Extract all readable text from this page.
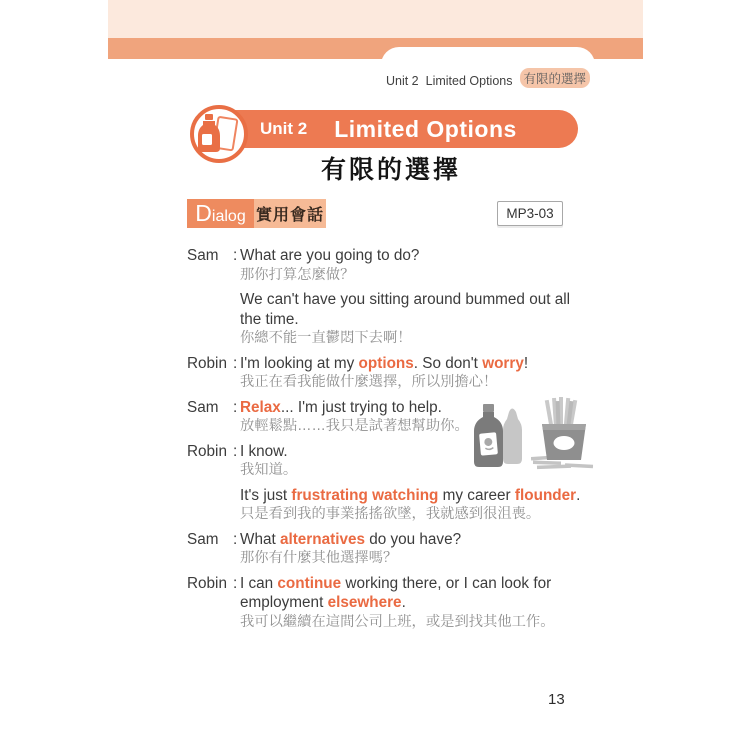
Unit 2 Limited Options 有限的選擇
Unit 2 Limited Options
有限的選擇
D ialog 實用會話	MP3-03
Sam : What are you going to do?
那你打算怎麼做？
We can't have you sitting around bummed out all
the time.
你總不能一直鬱悶下去啊！
Robin : I'm looking at my options. So don't worry!
我正在看我能做什麼選擇，所以別擔心！
Sam : Relax... I'm just trying to help.
放輕鬆點……我只是試著想幫助你。
Robin : I know.
我知道。
It's just frustrating watching my career flounder.
只是看到我的事業搖搖欲墜，我就感到很沮喪。
Sam : What alternatives do you have?
那你有什麼其他選擇嗎？
Robin : I can continue working there, or I can look for
employment elsewhere.
我可以繼續在這間公司上班，或是到找其他工作。
13
